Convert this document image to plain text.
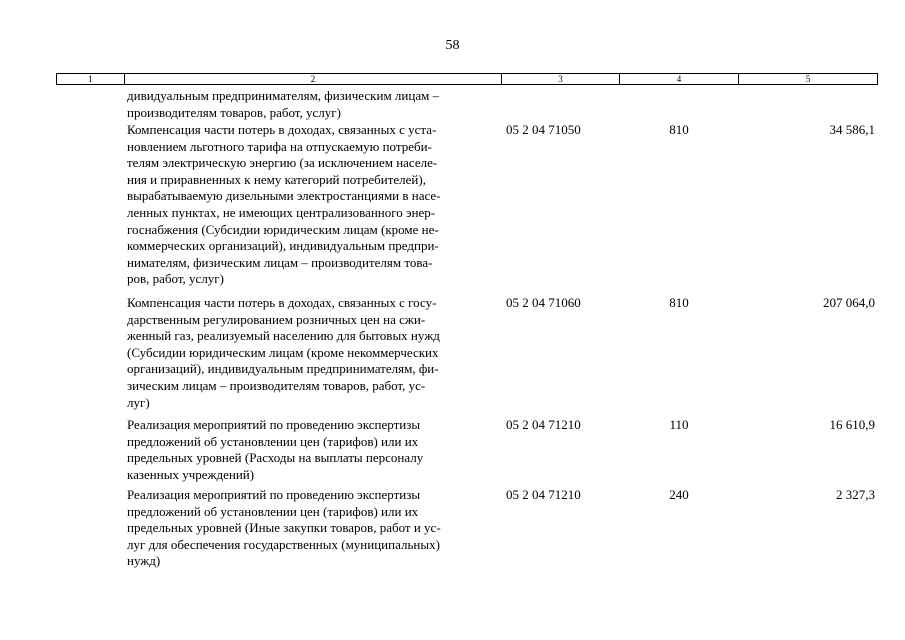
58
1	2	3	4	5
дивидуальным предпринимателям, физическим лицам –
производителям товаров, работ, услуг)
Компенсация части потерь в доходах, связанных с уста-
новлением льготного тарифа на отпускаемую потреби-
телям электрическую энергию (за исключением населе-
ния и приравненных к нему категорий потребителей),
вырабатываемую дизельными электростанциями в насе-
ленных пунктах, не имеющих централизованного энер-
госнабжения (Субсидии юридическим лицам (кроме не-
коммерческих организаций), индивидуальным предпри-
нимателям, физическим лицам – производителям това-
ров, работ, услуг)
05 2 04 71050	810	34 586,1
Компенсация части потерь в доходах, связанных с госу-
дарственным регулированием розничных цен на сжи-
женный газ, реализуемый населению для бытовых нужд
(Субсидии юридическим лицам (кроме некоммерческих
организаций), индивидуальным предпринимателям, фи-
зическим лицам – производителям товаров, работ, ус-
луг)
05 2 04 71060	810	207 064,0
Реализация мероприятий по проведению экспертизы
предложений об установлении цен (тарифов) или их
предельных уровней (Расходы на выплаты персоналу
казенных учреждений)
05 2 04 71210	110	16 610,9
Реализация мероприятий по проведению экспертизы
предложений об установлении цен (тарифов) или их
предельных уровней (Иные закупки товаров, работ и ус-
луг для обеспечения государственных (муниципальных)
нужд)
05 2 04 71210	240	2 327,3
